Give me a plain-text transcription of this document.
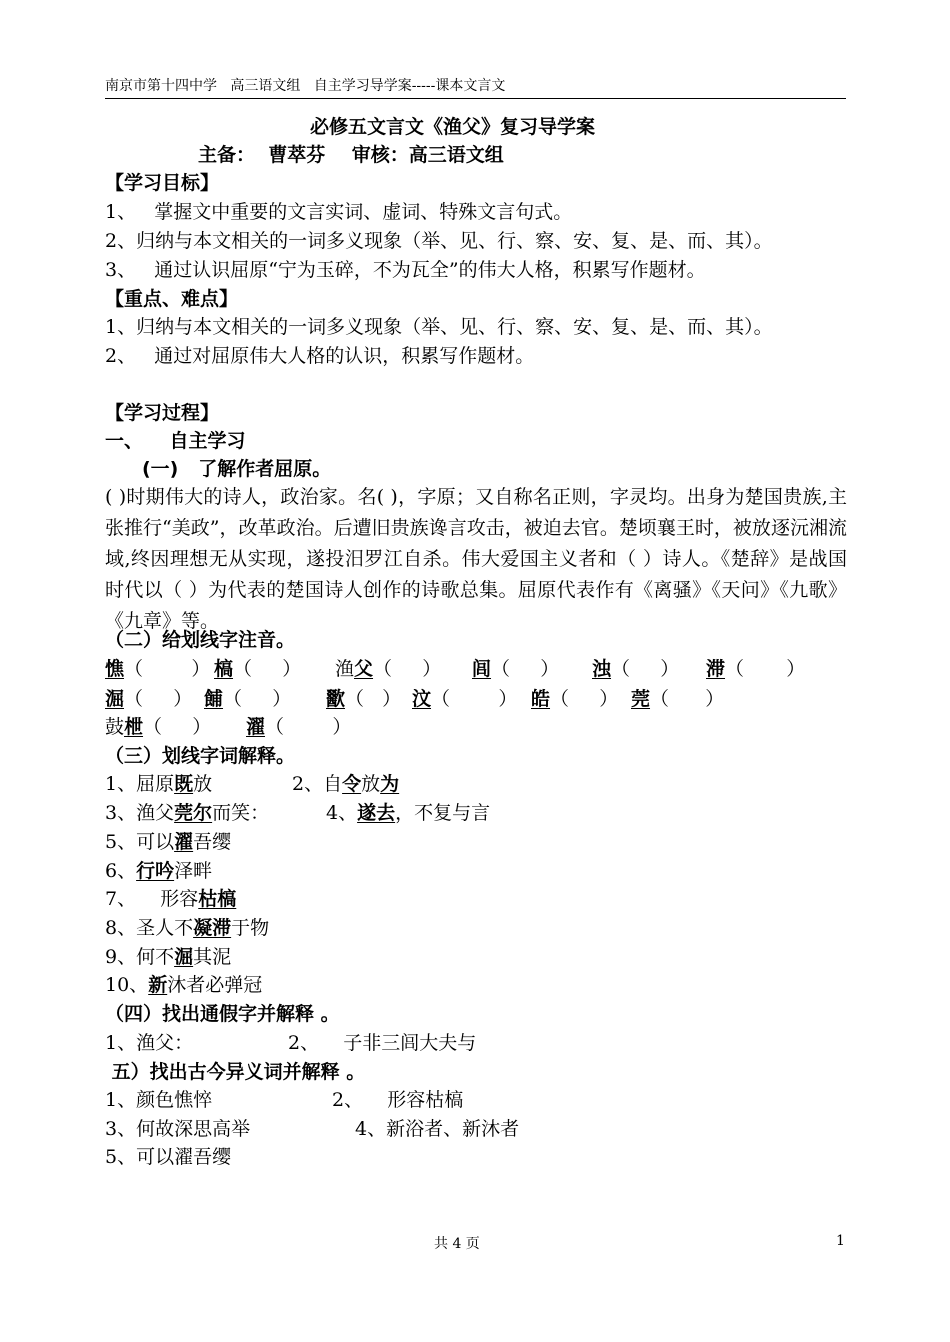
南京市第十四中学   高三语文组   自主学习导学案-----课本文言文
必修五文言文《渔父》复习导学案
主备：  曹萃芬    审核：高三语文组
【学习目标】
1、   掌握文中重要的文言实词、虚词、特殊文言句式。
2、归纳与本文相关的一词多义现象（举、见、行、察、安、复、是、而、其）。
3、   通过认识屈原“宁为玉碎，不为瓦全”的伟大人格，积累写作题材。
【重点、难点】
1、归纳与本文相关的一词多义现象（举、见、行、察、安、复、是、而、其）。
2、   通过对屈原伟大人格的认识，积累写作题材。
【学习过程】
一、    自主学习
(一)   了解作者屈原。
( )时期伟大的诗人，政治家。名( )，字原；又自称名正则，字灵均。出身为楚国贵族,主张推行“美政”，改革政治。后遭旧贵族谗言攻击，被迫去官。楚顷襄王时，被放逐沅湘流域,终因理想无从实现，遂投汨罗江自杀。伟大爱国主义者和（ ）诗人。《楚辞》是战国时代以（ ）为代表的楚国诗人创作的诗歌总集。屈原代表作有《离骚》《天问》《九歌》《九章》等。
（二）给划线字注音。
憔（        ） 槁（     ） 渔父（     ） 闾（     ） 浊（     ） 滞（       ）
淈（     ） 餔（     ） 歠（   ） 汶（        ） 皓（     ） 莞（      ）
鼓枻（     ） 濯（        ）
（三）划线字词解释。
1、屈原既放	2、自令放为
3、渔父莞尔而笑：	4、遂去，不复与言
5、可以濯吾缨
6、行吟泽畔
7、    形容枯槁
8、圣人不凝滞于物
9、何不淈其泥
10、新沐者必弹冠
（四）找出通假字并解释 。
1、渔父：	2、    子非三闾大夫与
五）找出古今异义词并解释 。
1、颜色憔悴	2、    形容枯槁
3、何故深思高举	4、新浴者、新沐者
5、可以濯吾缨
共 4 页	1
